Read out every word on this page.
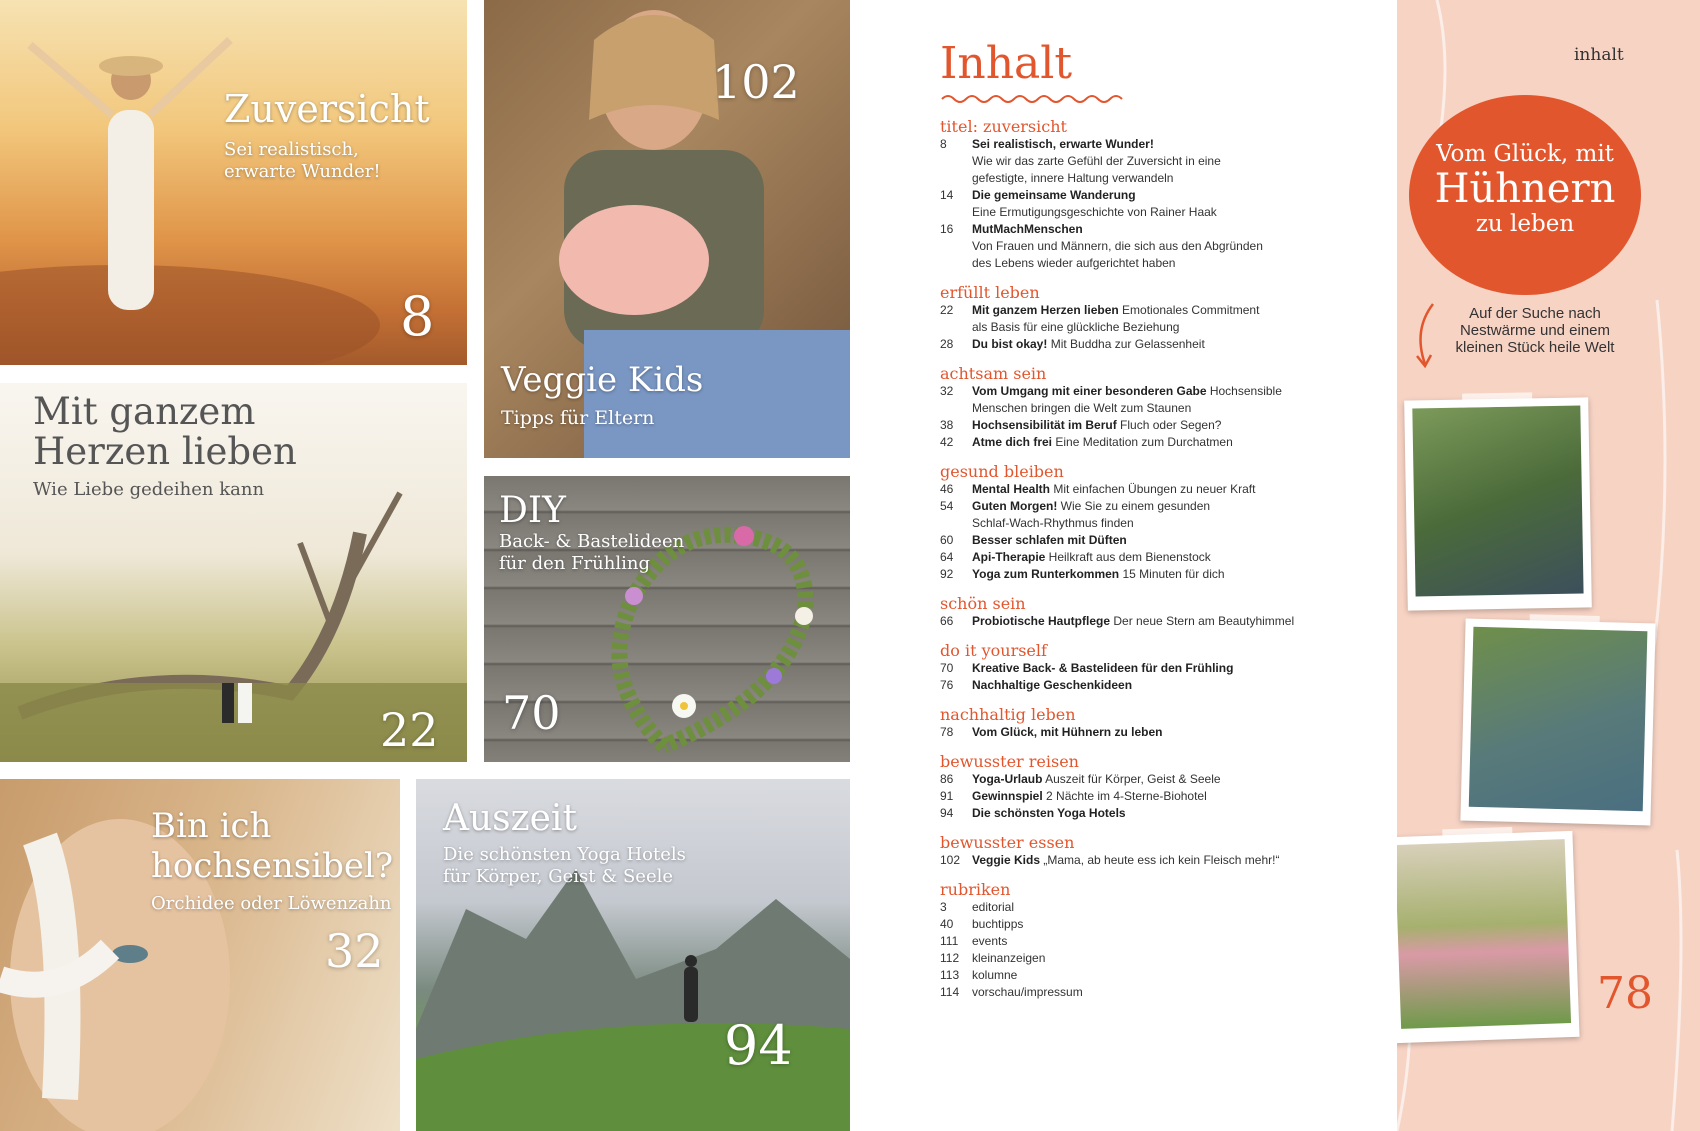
Zuversicht
Sei realistisch,
erwarte Wunder!
8
102
Veggie Kids
Tipps für Eltern
Mit ganzem
Herzen lieben
Wie Liebe gedeihen kann
22
DIY
Back- & Bastelideen
für den Frühling
70
Bin ich
hochsensibel?
Orchidee oder Löwenzahn
32
Auszeit
Die schönsten Yoga Hotels
für Körper, Geist & Seele
94
Inhalt
titel: zuversicht
8	Sei realistisch, erwarte Wunder!
Wie wir das zarte Gefühl der Zuversicht in eine
gefestigte, innere Haltung verwandeln
14	Die gemeinsame Wanderung
Eine Ermutigungsgeschichte von Rainer Haak
16	MutMachMenschen
Von Frauen und Männern, die sich aus den Abgründen
des Lebens wieder aufgerichtet haben
erfüllt leben
22	Mit ganzem Herzen lieben Emotionales Commitment
als Basis für eine glückliche Beziehung
28	Du bist okay! Mit Buddha zur Gelassenheit
achtsam sein
32	Vom Umgang mit einer besonderen Gabe Hochsensible
Menschen bringen die Welt zum Staunen
38	Hochsensibilität im Beruf Fluch oder Segen?
42	Atme dich frei Eine Meditation zum Durchatmen
gesund bleiben
46	Mental Health Mit einfachen Übungen zu neuer Kraft
54	Guten Morgen! Wie Sie zu einem gesunden
Schlaf-Wach-Rhythmus finden
60	Besser schlafen mit Düften
64	Api-Therapie Heilkraft aus dem Bienenstock
92	Yoga zum Runterkommen 15 Minuten für dich
schön sein
66	Probiotische Hautpflege Der neue Stern am Beautyhimmel
do it yourself
70	Kreative Back- & Bastelideen für den Frühling
76	Nachhaltige Geschenkideen
nachhaltig leben
78	Vom Glück, mit Hühnern zu leben
bewusster reisen
86	Yoga-Urlaub Auszeit für Körper, Geist & Seele
91	Gewinnspiel 2 Nächte im 4-Sterne-Biohotel
94	Die schönsten Yoga Hotels
bewusster essen
102 Veggie Kids „Mama, ab heute ess ich kein Fleisch mehr!“
rubriken
3	editorial
40	buchtipps
111	events
112	kleinanzeigen
113	kolumne
114	vorschau/impressum
inhalt
Vom Glück, mit
Hühnern
zu leben
Auf der Suche nach Nestwärme und einem kleinen Stück heile Welt
78
